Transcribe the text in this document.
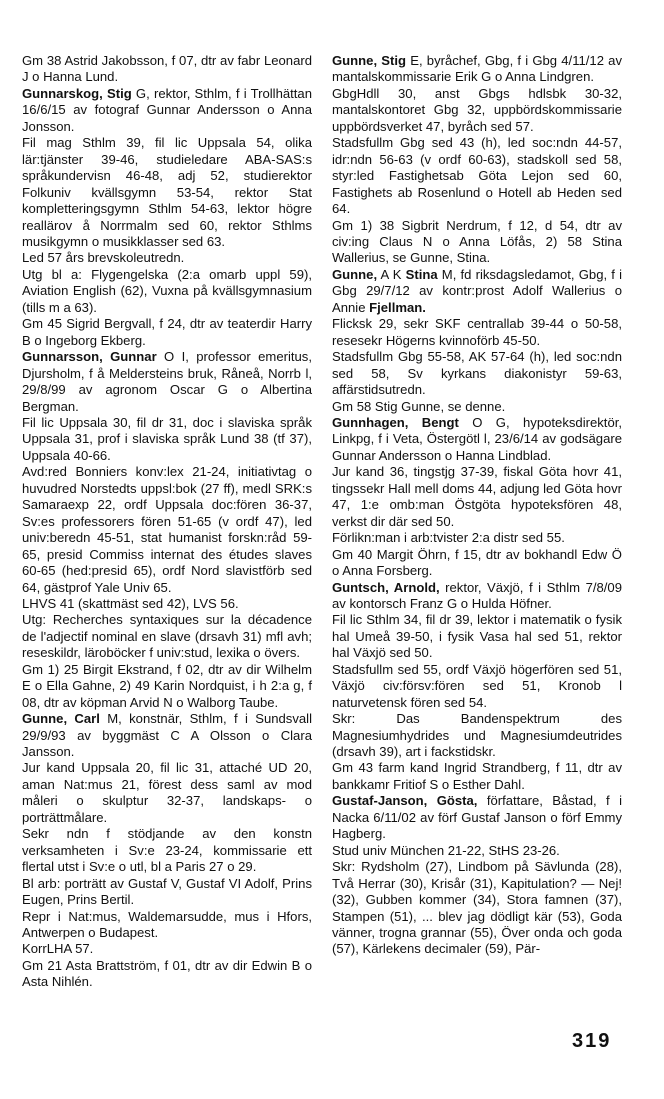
Gm 38 Astrid Jakobsson, f 07, dtr av fabr Leonard J o Hanna Lund.

Gunnarskog, Stig G, rektor, Sthlm, f i Trollhättan 16/6/15 av fotograf Gunnar Andersson o Anna Jonsson.

Fil mag Sthlm 39, fil lic Uppsala 54, olika lär:tjänster 39-46, studieledare ABA-SAS:s språkundervisn 46-48, adj 52, studierektor Folkuniv kvällsgymn 53-54, rektor Stat kompletteringsgymn Sthlm 54-63, lektor högre reallärov å Norrmalm sed 60, rektor Sthlms musikgymn o musikklasser sed 63.

Led 57 års brevskoleutredn.

Utg bl a: Flygengelska (2:a omarb uppl 59), Aviation English (62), Vuxna på kvällsgymnasium (tills m a 63).

Gm 45 Sigrid Bergvall, f 24, dtr av teaterdir Harry B o Ingeborg Ekberg.

Gunnarsson, Gunnar O I, professor emeritus, Djursholm, f å Meldersteins bruk, Råneå, Norrb l, 29/8/99 av agronom Oscar G o Albertina Bergman.

Fil lic Uppsala 30, fil dr 31, doc i slaviska språk Uppsala 31, prof i slaviska språk Lund 38 (tf 37), Uppsala 40-66.

Avd:red Bonniers konv:lex 21-24, initiativtag o huvudred Norstedts uppsl:bok (27 ff), medl SRK:s Samaraexp 22, ordf Uppsala doc:fören 36-37, Sv:es professorers fören 51-65 (v ordf 47), led univ:beredn 45-51, stat humanist forskn:råd 59-65, presid Commiss internat des études slaves 60-65 (hed:presid 65), ordf Nord slavistförb sed 64, gästprof Yale Univ 65.

LHVS 41 (skattmäst sed 42), LVS 56.

Utg: Recherches syntaxiques sur la décadence de l'adjectif nominal en slave (drsavh 31) mfl avh; reseskildr, läroböcker f univ:stud, lexika o övers.

Gm 1) 25 Birgit Ekstrand, f 02, dtr av dir Wilhelm E o Ella Gahne, 2) 49 Karin Nordquist, i h 2:a g, f 08, dtr av köpman Arvid N o Walborg Taube.

Gunne, Carl M, konstnär, Sthlm, f i Sundsvall 29/9/93 av byggmäst C A Olsson o Clara Jansson.

Jur kand Uppsala 20, fil lic 31, attaché UD 20, aman Nat:mus 21, förest dess saml av mod måleri o skulptur 32-37, landskaps- o porträttmålare.

Sekr ndn f stödjande av den konstn verksamheten i Sv:e 23-24, kommissarie ett flertal utst i Sv:e o utl, bl a Paris 27 o 29.

Bl arb: porträtt av Gustaf V, Gustaf VI Adolf, Prins Eugen, Prins Bertil.

Repr i Nat:mus, Waldemarsudde, mus i Hfors, Antwerpen o Budapest.

KorrLHA 57.

Gm 21 Asta Brattström, f 01, dtr av dir Edwin B o Asta Nihlén.

Gunne, Stig E, byråchef, Gbg, f i Gbg 4/11/12 av mantalskommissarie Erik G o Anna Lindgren.

GbgHdll 30, anst Gbgs hdlsbk 30-32, mantalskontoret Gbg 32, uppbördskommissarie uppbördsverket 47, byråch sed 57.

Stadsfullm Gbg sed 43 (h), led soc:ndn 44-57, idr:ndn 56-63 (v ordf 60-63), stadskoll sed 58, styr:led Fastighetsab Göta Lejon sed 60, Fastighets ab Rosenlund o Hotell ab Heden sed 64.

Gm 1) 38 Sigbrit Nerdrum, f 12, d 54, dtr av civ:ing Claus N o Anna Löfås, 2) 58 Stina Wallerius, se Gunne, Stina.

Gunne, A K Stina M, fd riksdagsledamot, Gbg, f i Gbg 29/7/12 av kontr:prost Adolf Wallerius o Annie Fjellman.

Flicksk 29, sekr SKF centrallab 39-44 o 50-58, resesekr Högerns kvinnoförb 45-50.

Stadsfullm Gbg 55-58, AK 57-64 (h), led soc:ndn sed 58, Sv kyrkans diakonistyr 59-63, affärstidsutredn.

Gm 58 Stig Gunne, se denne.

Gunnhagen, Bengt O G, hypoteksdirektör, Linkpg, f i Veta, Östergötl l, 23/6/14 av godsägare Gunnar Andersson o Hanna Lindblad.

Jur kand 36, tingstjg 37-39, fiskal Göta hovr 41, tingssekr Hall mell doms 44, adjung led Göta hovr 47, 1:e omb:man Östgöta hypoteksfören 48, verkst dir där sed 50.

Förlikn:man i arb:tvister 2:a distr sed 55.

Gm 40 Margit Öhrn, f 15, dtr av bokhandl Edw Ö o Anna Forsberg.

Guntsch, Arnold, rektor, Växjö, f i Sthlm 7/8/09 av kontorsch Franz G o Hulda Höfner.

Fil lic Sthlm 34, fil dr 39, lektor i matematik o fysik hal Umeå 39-50, i fysik Vasa hal sed 51, rektor hal Växjö sed 50.

Stadsfullm sed 55, ordf Växjö högerfören sed 51, Växjö civ:försv:fören sed 51, Kronob l naturvetensk fören sed 54.

Skr: Das Bandenspektrum des Magnesiumhydrides und Magnesiumdeutrides (drsavh 39), art i fackstidskr.

Gm 43 farm kand Ingrid Strandberg, f 11, dtr av bankkamr Fritiof S o Esther Dahl.

Gustaf-Janson, Gösta, författare, Båstad, f i Nacka 6/11/02 av förf Gustaf Janson o förf Emmy Hagberg.

Stud univ München 21-22, StHS 23-26.

Skr: Rydsholm (27), Lindbom på Sävlunda (28), Två Herrar (30), Krisår (31), Kapitulation? — Nej! (32), Gubben kommer (34), Stora famnen (37), Stampen (51), ... blev jag dödligt kär (53), Goda vänner, trogna grannar (55), Över onda och goda (57), Kärlekens decimaler (59), Pär-

319
